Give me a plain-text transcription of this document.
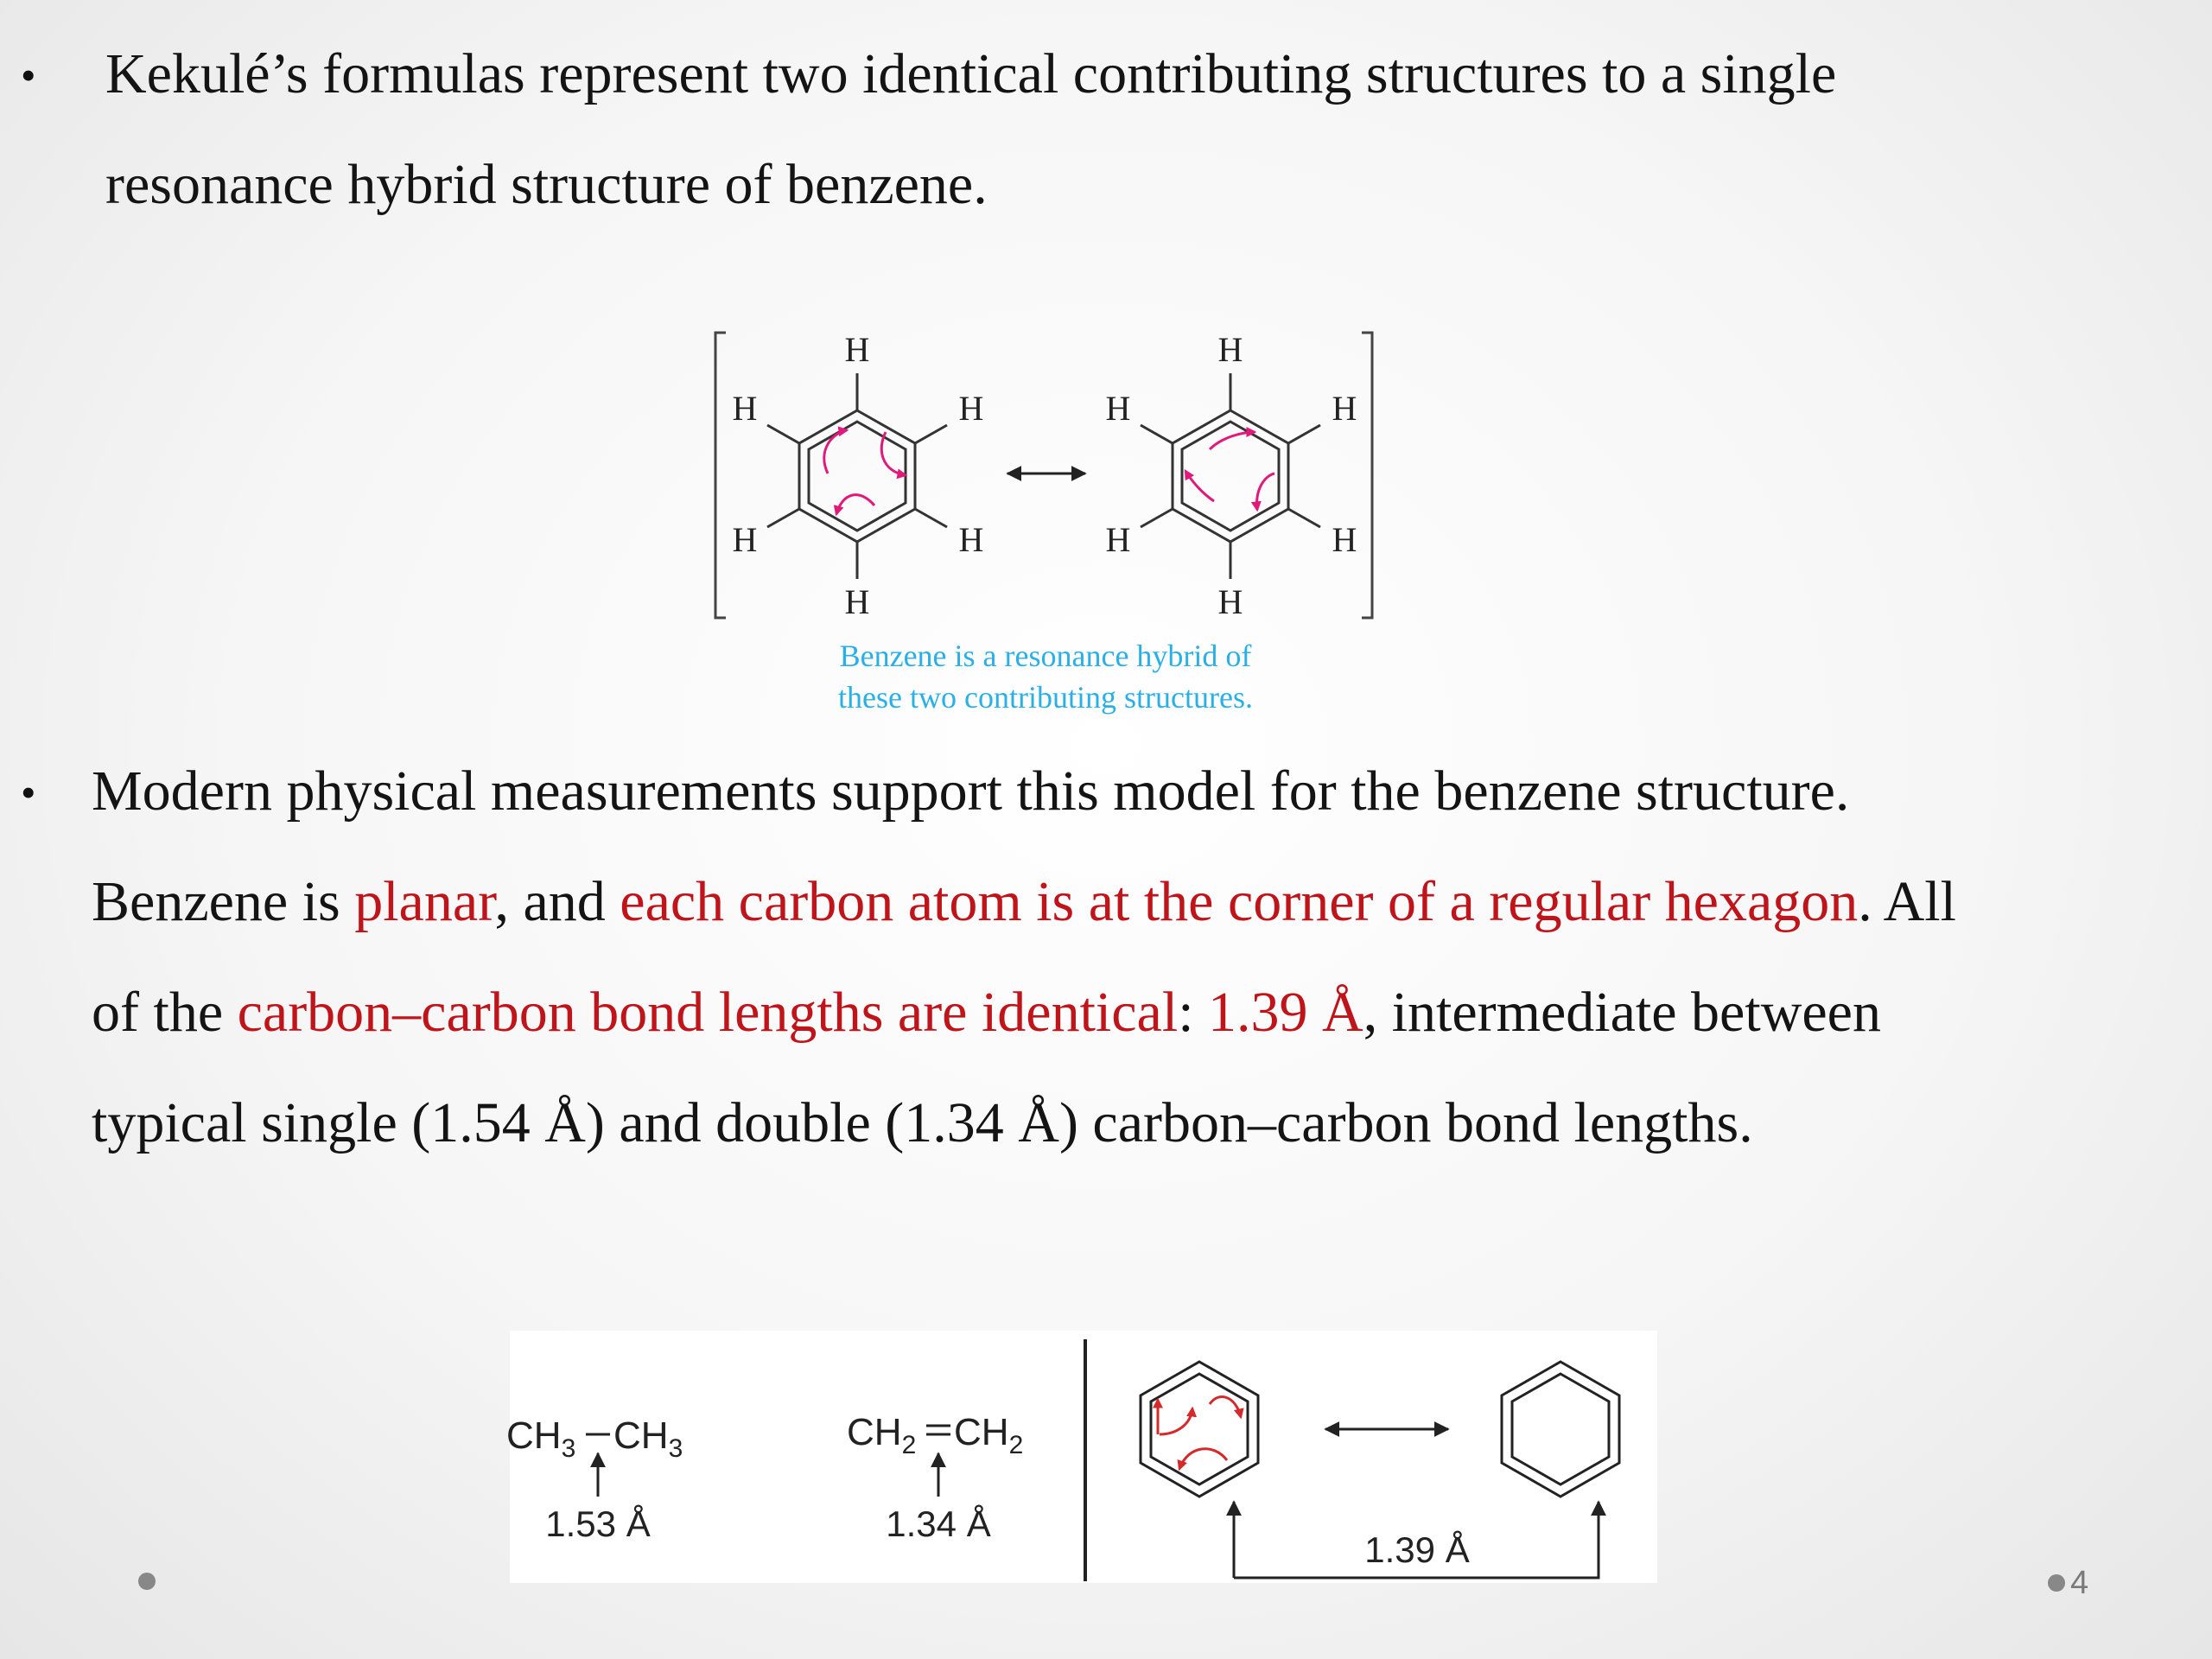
• Kekulé’s formulas represent two identical contributing structures to a single
resonance hybrid structure of benzene.
H
H
H
H
H
H
H
H
H
H
H
H
Benzene is a resonance hybrid of
these two contributing structures.
• Modern physical measurements support this model for the benzene structure.
Benzene is planar, and each carbon atom is at the corner of a regular hexagon. All
of the carbon–carbon bond lengths are identical: 1.39 Å, intermediate between
typical single (1.54 Å) and double (1.34 Å) carbon–carbon bond lengths.
$CH_3$ $CH_3$
1.53 Å
$CH_2$ $CH_2$
1.34 Å
1.39 Å
4
